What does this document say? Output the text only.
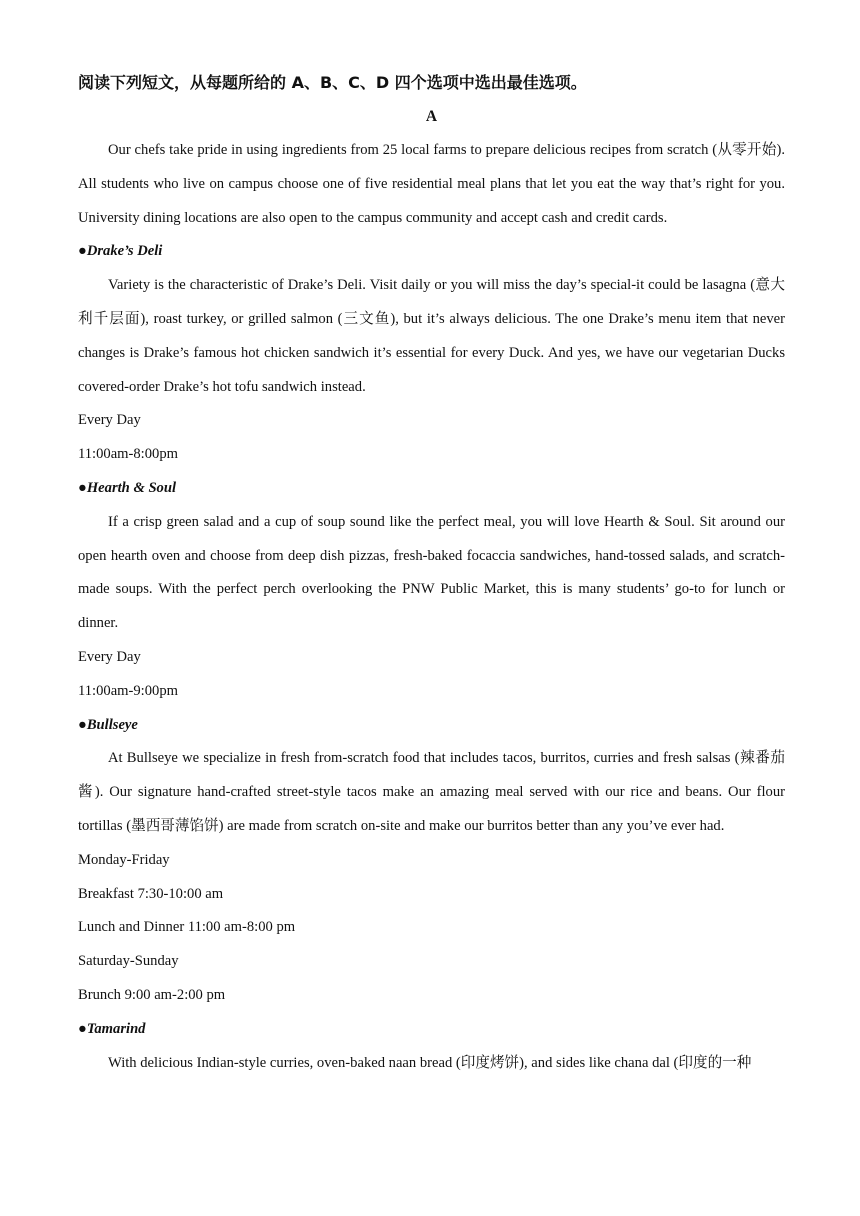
阅读下列短文，从每题所给的 A、B、C、D 四个选项中选出最佳选项。

A

Our chefs take pride in using ingredients from 25 local farms to prepare delicious recipes from scratch (从零开始). All students who live on campus choose one of five residential meal plans that let you eat the way that’s right for you. University dining locations are also open to the campus community and accept cash and credit cards.

●Drake’s Deli

Variety is the characteristic of Drake’s Deli. Visit daily or you will miss the day’s special-it could be lasagna (意大利千层面), roast turkey, or grilled salmon (三文鱼), but it’s always delicious. The one Drake’s menu item that never changes is Drake’s famous hot chicken sandwich it’s essential for every Duck. And yes, we have our vegetarian Ducks covered-order Drake’s hot tofu sandwich instead.

Every Day

11:00am-8:00pm

●Hearth & Soul

If a crisp green salad and a cup of soup sound like the perfect meal, you will love Hearth & Soul. Sit around our open hearth oven and choose from deep dish pizzas, fresh-baked focaccia sandwiches, hand-tossed salads, and scratch-made soups. With the perfect perch overlooking the PNW Public Market, this is many students’ go-to for lunch or dinner.

Every Day

11:00am-9:00pm

●Bullseye

At Bullseye we specialize in fresh from-scratch food that includes tacos, burritos, curries and fresh salsas (辣番茄酱). Our signature hand-crafted street-style tacos make an amazing meal served with our rice and beans. Our flour tortillas (墨西哥薄馅饼) are made from scratch on-site and make our burritos better than any you’ve ever had.

Monday-Friday

Breakfast 7:30-10:00 am

Lunch and Dinner 11:00 am-8:00 pm

Saturday-Sunday

Brunch 9:00 am-2:00 pm

●Tamarind

With delicious Indian-style curries, oven-baked naan bread (印度烤饼), and sides like chana dal (印度的一种
